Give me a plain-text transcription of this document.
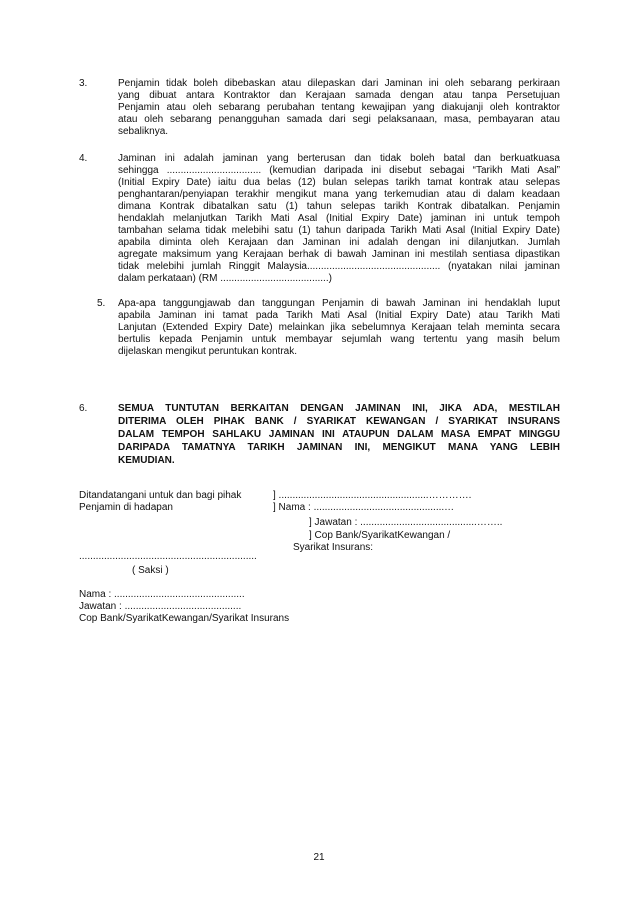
3.	Penjamin tidak boleh dibebaskan atau dilepaskan dari Jaminan ini oleh sebarang perkiraan
yang dibuat antara Kontraktor dan Kerajaan samada dengan atau tanpa Persetujuan
Penjamin atau oleh sebarang perubahan tentang kewajipan yang diakujanji oleh kontraktor
atau oleh sebarang penangguhan samada dari segi pelaksanaan, masa, pembayaran atau
sebaliknya.
4.	Jaminan ini adalah jaminan yang berterusan dan tidak boleh batal dan berkuatkuasa
sehingga .................................. (kemudian daripada ini disebut sebagai “Tarikh Mati Asal”
(Initial Expiry Date) iaitu dua belas (12) bulan selepas tarikh tamat kontrak atau selepas
penghantaran/penyiapan terakhir mengikut mana yang terkemudian atau di dalam keadaan
dimana Kontrak dibatalkan satu (1) tahun selepas tarikh Kontrak dibatalkan. Penjamin
hendaklah melanjutkan Tarikh Mati Asal (Initial Expiry Date) jaminan ini untuk tempoh
tambahan selama tidak melebihi satu (1) tahun daripada Tarikh Mati Asal (Initial Expiry Date)
apabila diminta oleh Kerajaan dan Jaminan ini adalah dengan ini dilanjutkan. Jumlah
agregate maksimum yang Kerajaan berhak di bawah Jaminan ini mestilah sentiasa dipastikan
tidak melebihi jumlah Ringgit Malaysia................................................ (nyatakan nilai jaminan
dalam perkataan) (RM .......................................)
5. Apa-apa tanggungjawab dan tanggungan Penjamin di bawah Jaminan ini hendaklah luput
apabila Jaminan ini tamat pada Tarikh Mati Asal (Initial Expiry Date) atau Tarikh Mati
Lanjutan (Extended Expiry Date) melainkan jika sebelumnya Kerajaan telah meminta secara
bertulis kepada Penjamin untuk membayar sejumlah wang tertentu yang masih belum
dijelaskan mengikut peruntukan kontrak.
6.	SEMUA TUNTUTAN BERKAITAN DENGAN JAMINAN INI, JIKA ADA, MESTILAH
DITERIMA OLEH PIHAK BANK / SYARIKAT KEWANGAN / SYARIKAT INSURANS
DALAM TEMPOH SAHLAKU JAMINAN INI ATAUPUN DALAM MASA EMPAT MINGGU
DARIPADA TAMATNYA TARIKH JAMINAN INI, MENGIKUT MANA YANG LEBIH
KEMUDIAN.
Ditandatangani untuk dan bagi pihak
Penjamin di hadapan
] ......................................................………….
] Nama : ...............................................…
] Jawatan : ..........................................……..
] Cop Bank/SyarikatKewangan /
Syarikat Insurans:
................................................................
( Saksi )
Nama : ...............................................
Jawatan : ..........................................
Cop Bank/SyarikatKewangan/Syarikat Insurans
21
